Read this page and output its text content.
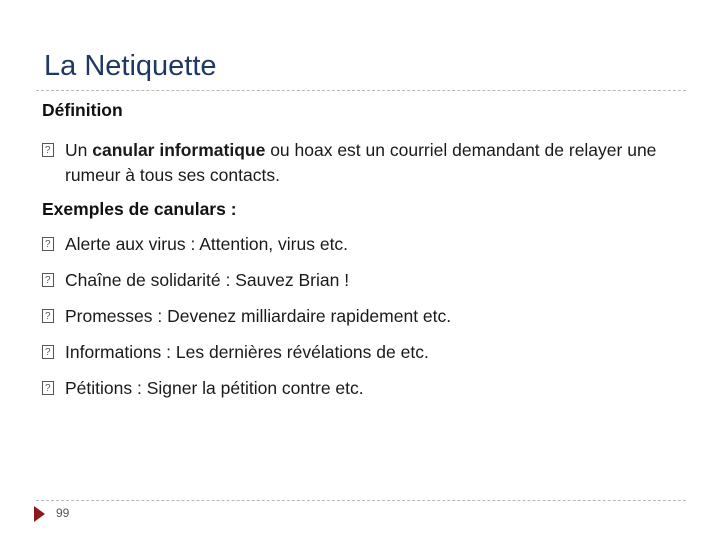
La Netiquette
Définition
?
Un canular informatique ou hoax est un courriel demandant de relayer une rumeur à tous ses contacts.
Exemples de canulars :
?
Alerte aux virus : Attention, virus etc.
?
Chaîne de solidarité : Sauvez Brian !
?
Promesses : Devenez milliardaire rapidement etc.
?
Informations : Les dernières révélations de etc.
?
Pétitions : Signer la pétition contre etc.
99
